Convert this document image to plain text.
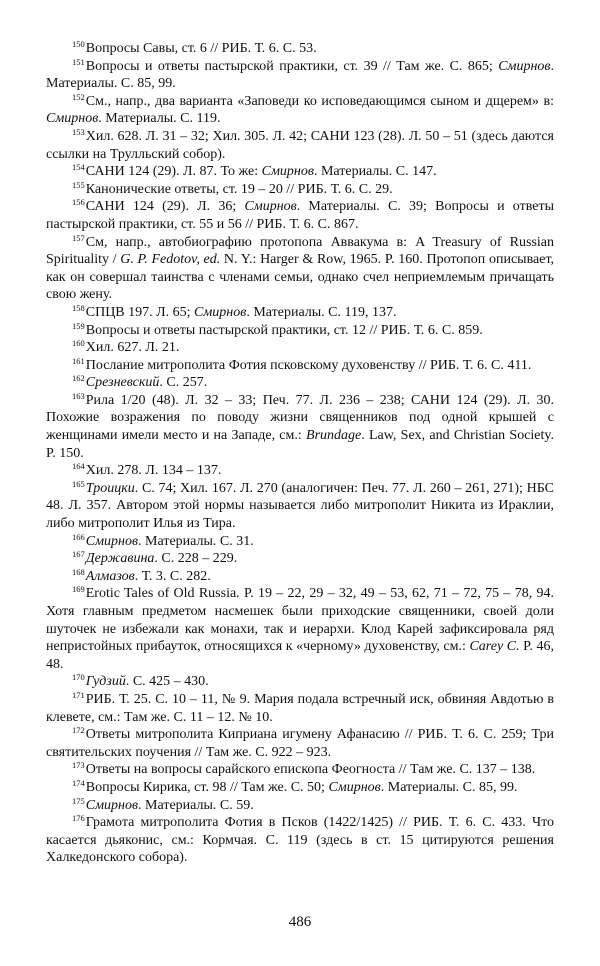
$^{150}$Вопросы Савы, ст. 6 // РИБ. Т. 6. С. 53.

$^{151}$Вопросы и ответы пастырской практики, ст. 39 // Там же. С. 865; Смирнов. Материалы. С. 85, 99.

$^{152}$См., напр., два варианта «Заповеди ко исповедающимся сыном и дщерем» в: Смирнов. Материалы. С. 119.

$^{153}$Хил. 628. Л. 31 – 32; Хил. 305. Л. 42; САНИ 123 (28). Л. 50 – 51 (здесь даются ссылки на Трулльский собор).

$^{154}$САНИ 124 (29). Л. 87. То же: Смирнов. Материалы. С. 147.

$^{155}$Канонические ответы, ст. 19 – 20 // РИБ. Т. 6. С. 29.

$^{156}$САНИ 124 (29). Л. 36; Смирнов. Материалы. С. 39; Вопросы и ответы пастырской практики, ст. 55 и 56 // РИБ. Т. 6. С. 867.

$^{157}$См, напр., автобиографию протопопа Аввакума в: A Treasury of Russian Spirituality / G. P. Fedotov, ed. N. Y.: Harger & Row, 1965. P. 160. Протопоп описывает, как он совершал таинства с членами семьи, однако счел неприемлемым причащать свою жену.

$^{158}$СПЦВ 197. Л. 65; Смирнов. Материалы. С. 119, 137.

$^{159}$Вопросы и ответы пастырской практики, ст. 12 // РИБ. Т. 6. С. 859.

$^{160}$Хил. 627. Л. 21.

$^{161}$Послание митрополита Фотия псковскому духовенству // РИБ. Т. 6. С. 411.

$^{162}$Срезневский. С. 257.

$^{163}$Рила 1/20 (48). Л. 32 – 33; Печ. 77. Л. 236 – 238; САНИ 124 (29). Л. 30. Похожие возражения по поводу жизни священников под одной крышей с женщинами имели место и на Западе, см.: Brundage. Law, Sex, and Christian Society. P. 150.

$^{164}$Хил. 278. Л. 134 – 137.

$^{165}$Троицки. С. 74; Хил. 167. Л. 270 (аналогичен: Печ. 77. Л. 260 – 261, 271); НБС 48. Л. 357. Автором этой нормы называется либо митрополит Никита из Ираклии, либо митрополит Илья из Тира.

$^{166}$Смирнов. Материалы. С. 31.

$^{167}$Державина. С. 228 – 229.

$^{168}$Алмазов. Т. 3. С. 282.

$^{169}$Erotic Tales of Old Russia. P. 19 – 22, 29 – 32, 49 – 53, 62, 71 – 72, 75 – 78, 94. Хотя главным предметом насмешек были приходские священники, своей доли шуточек не избежали как монахи, так и иерархи. Клод Карей зафиксировала ряд непристойных прибауток, относящихся к «черному» духовенству, см.: Carey C. P. 46, 48.

$^{170}$Гудзий. С. 425 – 430.

$^{171}$РИБ. Т. 25. С. 10 – 11, № 9. Мария подала встречный иск, обвиняя Авдотью в клевете, см.: Там же. С. 11 – 12. № 10.

$^{172}$Ответы митрополита Киприана игумену Афанасию // РИБ. Т. 6. С. 259; Три святительских поучения // Там же. С. 922 – 923.

$^{173}$Ответы на вопросы сарайского епископа Феогноста // Там же. С. 137 – 138.

$^{174}$Вопросы Кирика, ст. 98 // Там же. С. 50; Смирнов. Материалы. С. 85, 99.

$^{175}$Смирнов. Материалы. С. 59.

$^{176}$Грамота митрополита Фотия в Псков (1422/1425) // РИБ. Т. 6. С. 433. Что касается дьяконис, см.: Кормчая. С. 119 (здесь в ст. 15 цитируются решения Халкедонского собора).

486
